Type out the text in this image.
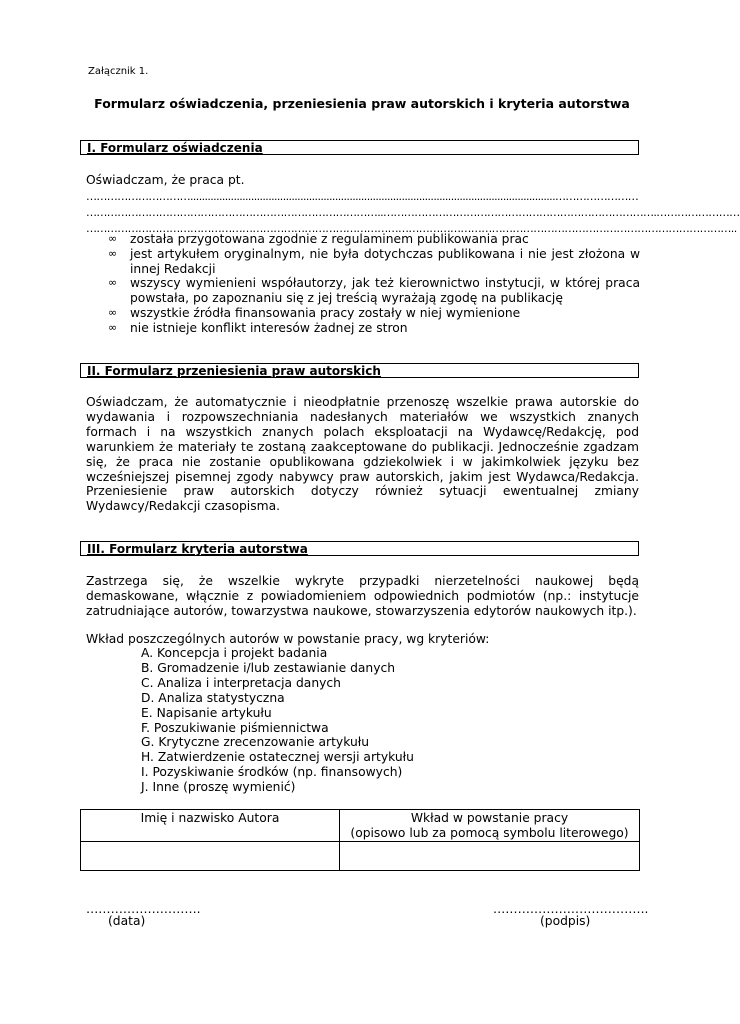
Załącznik 1.
Formularz oświadczenia, przeniesienia praw autorskich i kryteria autorstwa
I. Formularz oświadczenia
Oświadczam, że praca pt.
…………………………..............................................................................................................................……………………
…………………………………………………………………………..…………………………………………………………………….……………………
……………………………………………………………………………………………………………………………………………………………………..
∞	została przygotowana zgodnie z regulaminem publikowania prac
∞	jest artykułem oryginalnym, nie była dotychczas publikowana i nie jest złożona w innej Redakcji
∞	wszyscy wymienieni współautorzy, jak też kierownictwo instytucji, w której praca powstała, po zapoznaniu się z jej treścią wyrażają zgodę na publikację
∞	wszystkie źródła finansowania pracy zostały w niej wymienione
∞	nie istnieje konflikt interesów żadnej ze stron
II. Formularz przeniesienia praw autorskich
Oświadczam, że automatycznie i nieodpłatnie przenoszę wszelkie prawa autorskie do wydawania i rozpowszechniania nadesłanych materiałów we wszystkich znanych formach i na wszystkich znanych polach eksploatacji na Wydawcę/Redakcję, pod warunkiem że materiały te zostaną zaakceptowane do publikacji. Jednocześnie zgadzam się, że praca nie zostanie opublikowana gdziekolwiek i w jakimkolwiek języku bez wcześniejszej pisemnej zgody nabywcy praw autorskich, jakim jest Wydawca/Redakcja. Przeniesienie praw autorskich dotyczy również sytuacji ewentualnej zmiany Wydawcy/Redakcji czasopisma.
III. Formularz kryteria autorstwa
Zastrzega się, że wszelkie wykryte przypadki nierzetelności naukowej będą demaskowane, włącznie z powiadomieniem odpowiednich podmiotów (np.: instytucje zatrudniające autorów, towarzystwa naukowe, stowarzyszenia edytorów naukowych itp.).
Wkład poszczególnych autorów w powstanie pracy, wg kryteriów:
A. Koncepcja i projekt badania
B. Gromadzenie i/lub zestawianie danych
C. Analiza i interpretacja danych
D. Analiza statystyczna
E. Napisanie artykułu
F. Poszukiwanie piśmiennictwa
G. Krytyczne zrecenzowanie artykułu
H. Zatwierdzenie ostatecznej wersji artykułu
I. Pozyskiwanie środków (np. finansowych)
J. Inne (proszę wymienić)
Imię i nazwisko Autora	Wkład w powstanie pracy
(opisowo lub za pomocą symbolu literowego)

……………………….
(data)
………………………………..
(podpis)
